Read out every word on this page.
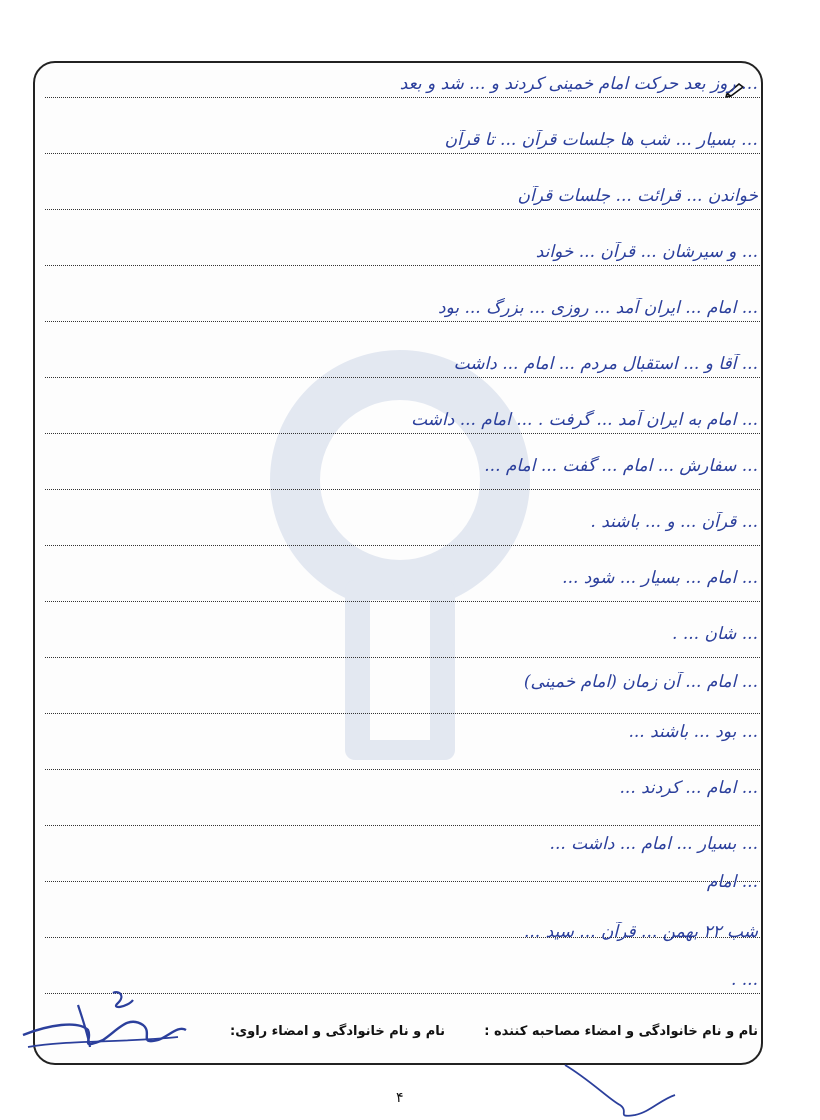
… روز بعد حرکت امام خمینی کردند و ... شد و بعد
… بسیار ... شب ها جلسات قرآن ... تا قرآن
خواندن ... قرائت ... جلسات قرآن
... و سیرشان ... قرآن ... خواند
... امام ... ایران آمد ... روزی ... بزرگ ... بود
... آقا و ... استقبال مردم ... امام ... داشت
... امام به ایران آمد ... گرفت . ... امام ... داشت
... سفارش ... امام ... گفت ... امام ...
... قرآن ... و ... باشند .
... امام ... بسیار ... شود ...
... شان ... .
... امام ... آن زمان (امام خمینی)
... بود ... باشند ...
... امام ... کردند ...
... بسیار ... امام ... داشت ...
... امام
شب ۲۲ بهمن ... قرآن ... سید ...
... .
نام و نام خانوادگی و امضاء مصاحبه کننده :
نام و نام خانوادگی و امضاء راوی:
۴
